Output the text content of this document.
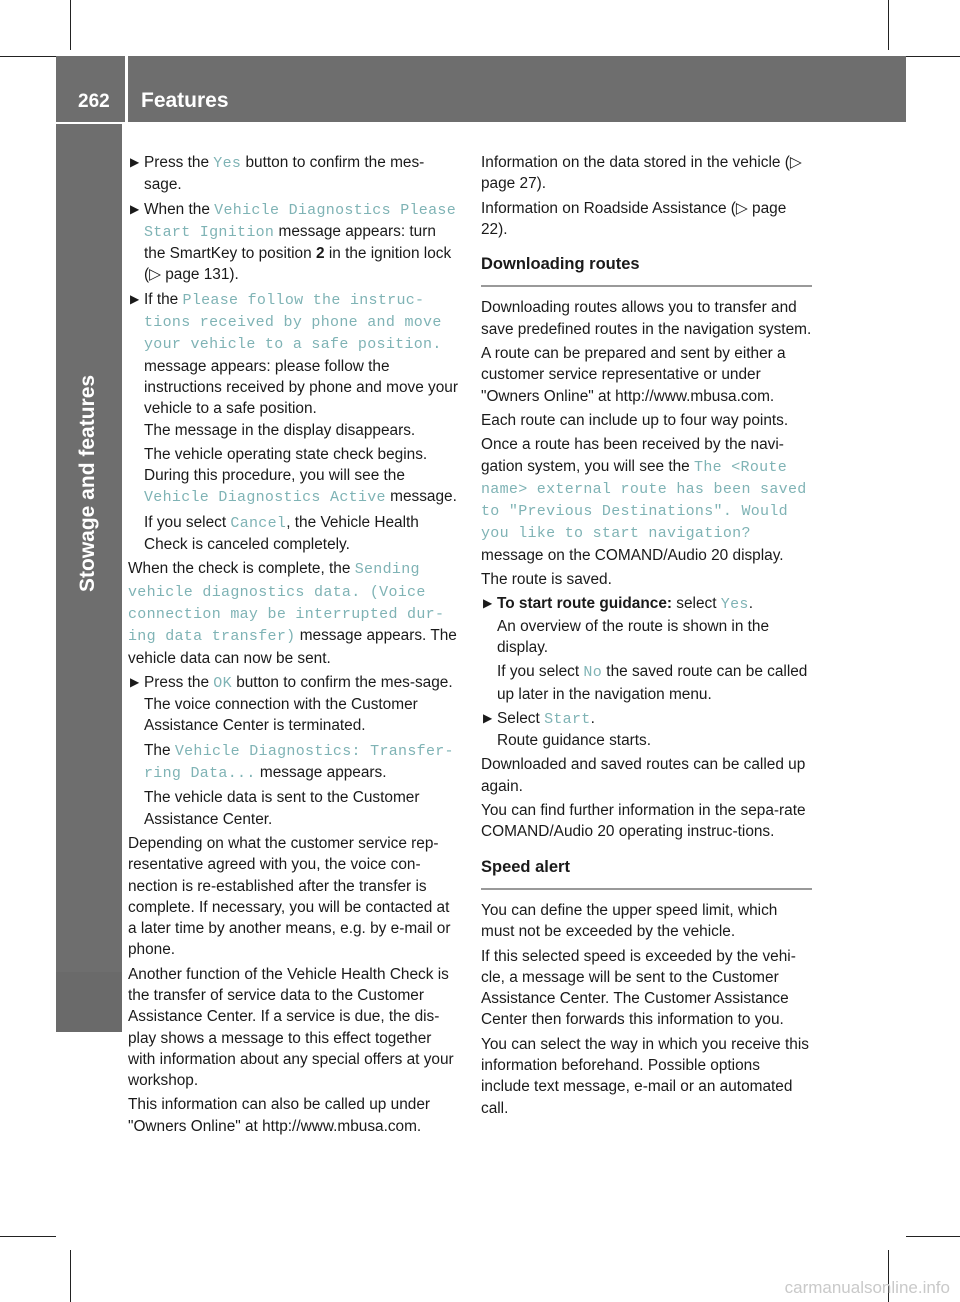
262 Features
Stowage and features

▶ Press the Yes button to confirm the mes-sage.

▶ When the Vehicle Diagnostics Please Start Ignition message appears: turn the SmartKey to position 2 in the ignition lock (▷ page 131).

▶ If the Please follow the instruc-tions received by phone and move your vehicle to a safe position. message appears: please follow the instructions received by phone and move your vehicle to a safe position.
The message in the display disappears.

The vehicle operating state check begins. During this procedure, you will see the Vehicle Diagnostics Active message.

If you select Cancel, the Vehicle Health Check is canceled completely.

When the check is complete, the Sending vehicle diagnostics data. (Voice connection may be interrupted dur-ing data transfer) message appears. The vehicle data can now be sent.

▶ Press the OK button to confirm the mes-sage.
The voice connection with the Customer Assistance Center is terminated.

The Vehicle Diagnostics: Transfer-ring Data... message appears.

The vehicle data is sent to the Customer Assistance Center.

Depending on what the customer service rep-resentative agreed with you, the voice con-nection is re-established after the transfer is complete. If necessary, you will be contacted at a later time by another means, e.g. by e-mail or phone.

Another function of the Vehicle Health Check is the transfer of service data to the Customer Assistance Center. If a service is due, the dis-play shows a message to this effect together with information about any special offers at your workshop.

This information can also be called up under "Owners Online" at http://www.mbusa.com.

Information on the data stored in the vehicle (▷ page 27).

Information on Roadside Assistance (▷ page 22).

Downloading routes

Downloading routes allows you to transfer and save predefined routes in the navigation system.

A route can be prepared and sent by either a customer service representative or under "Owners Online" at http://www.mbusa.com.

Each route can include up to four way points.

Once a route has been received by the navi-gation system, you will see the The <Route name> external route has been saved to "Previous Destinations". Would you like to start navigation? message on the COMAND/Audio 20 display.

The route is saved.

▶ To start route guidance: select Yes.
An overview of the route is shown in the display.

If you select No the saved route can be called up later in the navigation menu.

▶ Select Start.
Route guidance starts.

Downloaded and saved routes can be called up again.

You can find further information in the sepa-rate COMAND/Audio 20 operating instruc-tions.

Speed alert

You can define the upper speed limit, which must not be exceeded by the vehicle.

If this selected speed is exceeded by the vehi-cle, a message will be sent to the Customer Assistance Center. The Customer Assistance Center then forwards this information to you.

You can select the way in which you receive this information beforehand. Possible options include text message, e-mail or an automated call.

carmanualsonline.info
